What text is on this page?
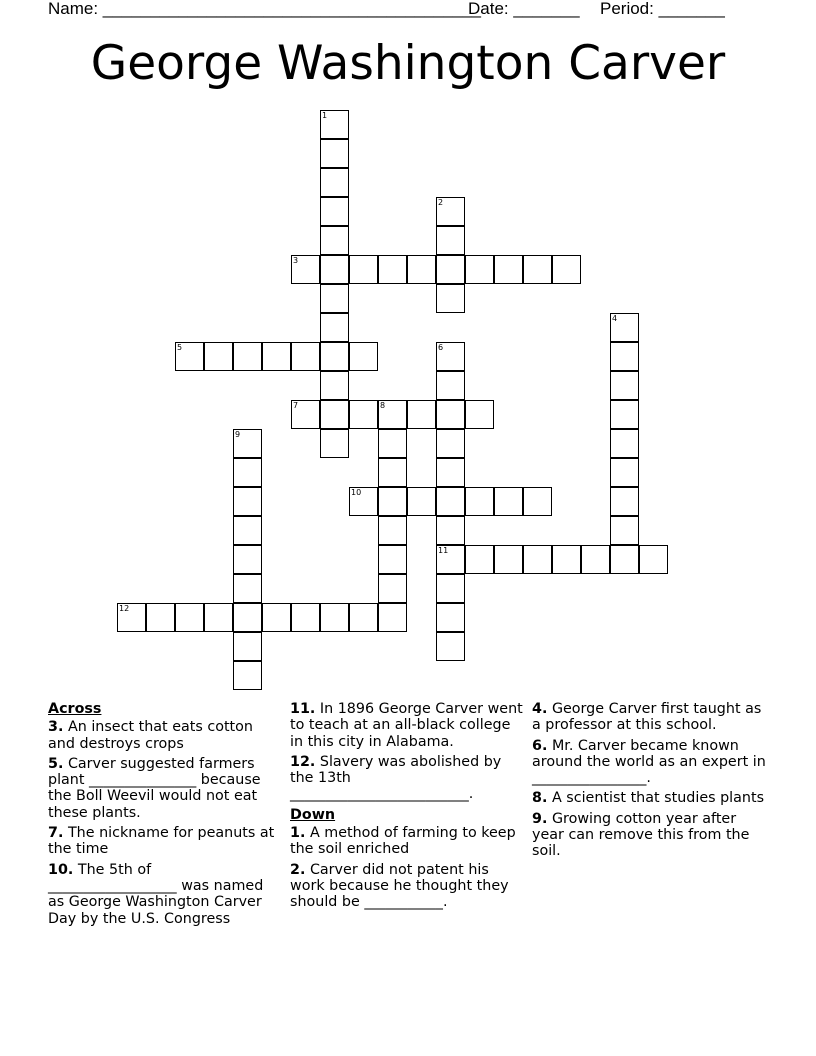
Name: ________________________________________Date: _______ Period: _______
George Washington Carver
1
2
3
4
5	6
11
7	8
9
10
12
Across
3. An insect that eats cotton and destroys crops
5. Carver suggested farmers plant _______________ because the Boll Weevil would not eat these plants.
7. The nickname for peanuts at the time
10. The 5th of __________________ was named as George Washington Carver Day by the U.S. Congress
11. In 1896 George Carver went to teach at an all-black college in this city in Alabama.
12. Slavery was abolished by the 13th _________________________.
Down
1. A method of farming to keep the soil enriched
2. Carver did not patent his work because he thought they should be ___________.
4. George Carver first taught as a professor at this school.
6. Mr. Carver became known around the world as an expert in ________________.
8. A scientist that studies plants
9. Growing cotton year after year can remove this from the soil.
